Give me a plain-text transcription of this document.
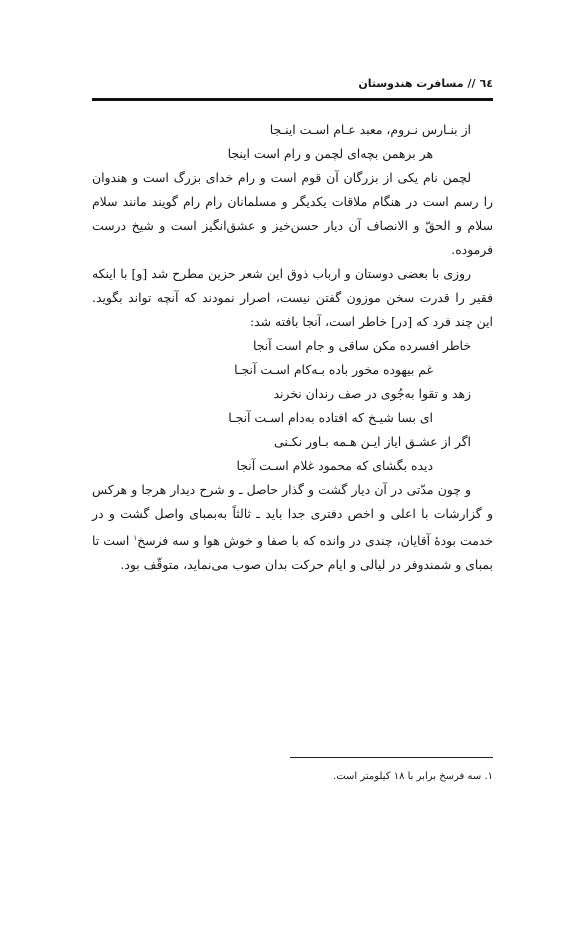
٦٤
//
مسافرت هندوستان
از بنـارس نـروم، معبد عـام اسـت اینـجا
هر برهمن بچه‌ای لچمن و رام است اینجا

لچمن نام یکی از بزرگان آن قوم است و رام خدای بزرگ است و هندوان را رسم است در هنگام ملاقات یکدیگر و مسلمانان رام رام گویند مانند سلام سلام و الحقّ و الانصاف آن دیار حسن‌خیز و عشق‌انگیز است و شیخ درست فرموده.

روزی با بعضی دوستان و ارباب ذوق این شعر حزین مطرح شد [و] با اینکه فقیر را قدرت سخن موزون گفتن نیست، اصرار نمودند که آنچه تواند بگوید. این چند فرد که [در] خاطر است، آنجا بافته شد:

خاطر افسرده مکن ساقی و جام است آنجا
غم بیهوده مخور باده بـه‌کام اسـت آنجـا
زهد و تقوا به‌جُوی در صف رندان نخرند
ای بسا شیـخ که افتاده به‌دام اسـت آنجـا
اگر از عشـق ایاز ایـن هـمه بـاور نکـنی
دیده بگشای که محمود غلام اسـت آنجا

و چون مدّتی در آن دیار گشت و گذار حاصل ـ و شرح دیدار هرجا و هرکس و گزارشات با اعلی و اخص دفتری جدا باید ـ ثالثاً به‌بمبای واصل گشت و در خدمت بودهٔ آقایان، چندی در وانده که با صفا و خوش هوا و سه فرسخ$^١$ است تا بمبای و شمندوفر در لیالی و ایام حرکت بدان صوب می‌نماید، متوقّف بود.

١. سه فرسخ برابر با ١٨ کیلومتر است.
